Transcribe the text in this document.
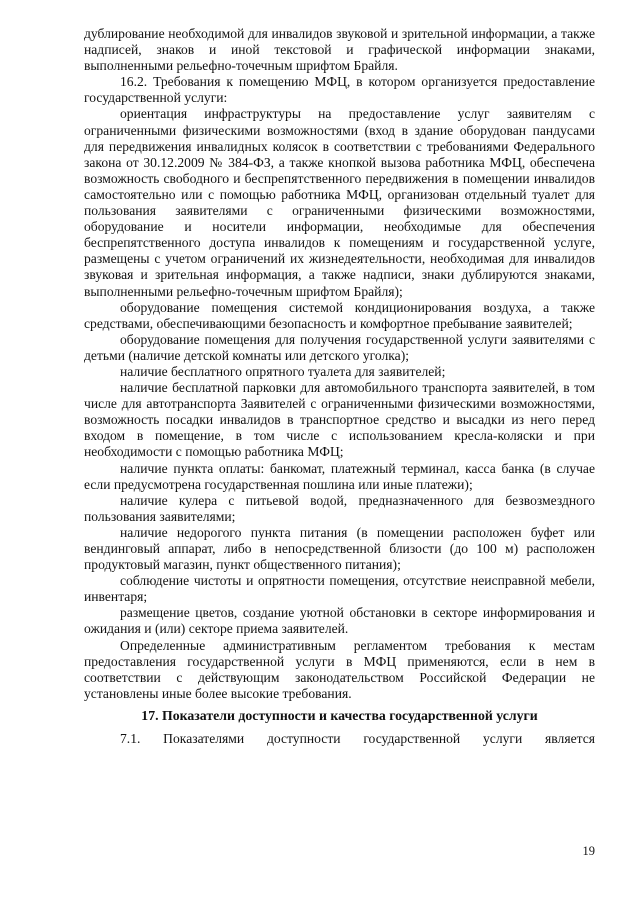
дублирование необходимой для инвалидов звуковой и зрительной информации, а также надписей, знаков и иной текстовой и графической информации знаками, выполненными рельефно-точечным шрифтом Брайля.

16.2. Требования к помещению МФЦ, в котором организуется предоставление государственной услуги:

ориентация инфраструктуры на предоставление услуг заявителям с ограниченными физическими возможностями (вход в здание оборудован пандусами для передвижения инвалидных колясок в соответствии с требованиями Федерального закона от 30.12.2009 № 384-ФЗ, а также кнопкой вызова работника МФЦ, обеспечена возможность свободного и беспрепятственного передвижения в помещении инвалидов самостоятельно или с помощью работника МФЦ, организован отдельный туалет для пользования заявителями с ограниченными физическими возможностями, оборудование и носители информации, необходимые для обеспечения беспрепятственного доступа инвалидов к помещениям и государственной услуге, размещены с учетом ограничений их жизнедеятельности, необходимая для инвалидов звуковая и зрительная информация, а также надписи, знаки дублируются знаками, выполненными рельефно-точечным шрифтом Брайля);

оборудование помещения системой кондиционирования воздуха, а также средствами, обеспечивающими безопасность и комфортное пребывание заявителей;

оборудование помещения для получения государственной услуги заявителями с детьми (наличие детской комнаты или детского уголка);

наличие бесплатного опрятного туалета для заявителей;

наличие бесплатной парковки для автомобильного транспорта заявителей, в том числе для автотранспорта Заявителей с ограниченными физическими возможностями, возможность посадки инвалидов в транспортное средство и высадки из него перед входом в помещение, в том числе с использованием кресла-коляски и при необходимости с помощью работника МФЦ;

наличие пункта оплаты: банкомат, платежный терминал, касса банка (в случае если предусмотрена государственная пошлина или иные платежи);

наличие кулера с питьевой водой, предназначенного для безвозмездного пользования заявителями;

наличие недорогого пункта питания (в помещении расположен буфет или вендинговый аппарат, либо в непосредственной близости (до 100 м) расположен продуктовый магазин, пункт общественного питания);

соблюдение чистоты и опрятности помещения, отсутствие неисправной мебели, инвентаря;

размещение цветов, создание уютной обстановки в секторе информирования и ожидания и (или) секторе приема заявителей.

Определенные административным регламентом требования к местам предоставления государственной услуги в МФЦ применяются, если в нем в соответствии с действующим законодательством Российской Федерации не установлены иные более высокие требования.

17. Показатели доступности и качества государственной услуги

7.1. Показателями доступности государственной услуги является

19
